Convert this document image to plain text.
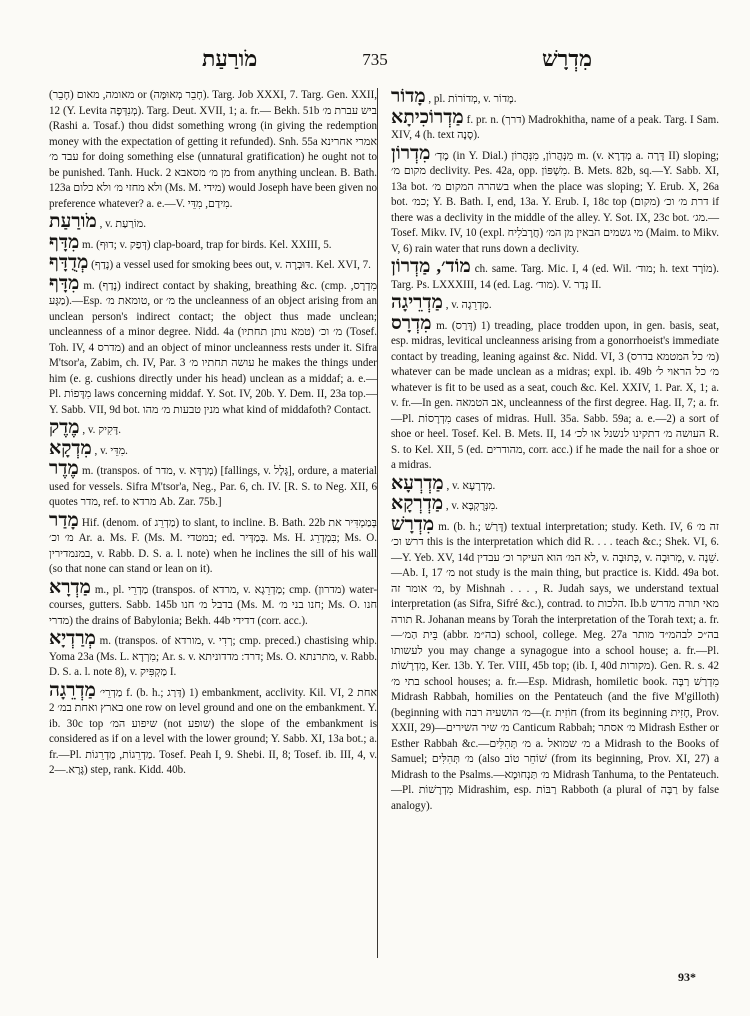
מֹורַעַת	735	מִדְרָשׁ

(חָבֵר) מאומה, מאום or (חָבֵר מְאוּמָּה). Targ. Job XXXI, 7. Targ. Gen. XXII, 12 (Y. Levita מְנִדְּפָה). Targ. Deut. XVII, 1; a. fr.— Bekh. 51b ביש עברת מ׳ (Rashi a. Tosaf.) thou didst something wrong (in giving the redemption money with the expectation of getting it refunded). Snh. 55a אמרי אחרינא עבד מ׳ for doing something else (unnatural gratification) he ought not to be punished. Tanh. Huck. 2 מן מ׳ מסאבא from anything unclean. B. Bath. 123a ולא מחזי מ׳ ולא כלום (Ms. M. מידי) would Joseph have been given no preference whatever? a. e.—V. מִידַם, מִדֵּי.

מֹורַעַת , v. מוֹרַעַת.

מִדָּף m. (דוּף; v. דְּפַק) clap-board, trap for birds. Kel. XXIII, 5.

מְדֻדָּף (נָדַף) a vessel used for smoking bees out, v. דּוּבְרָה. Kel. XVI, 7.

מִדָּף m. (נָדַף) indirect contact by shaking, breathing &c. (cmp. מִדְרָס, מַגָּע).—Esp. טומאת מ׳, or מ׳ the uncleanness of an object arising from an unclean person's indirect contact; the object thus made unclean; uncleanness of a minor degree. Nidd. 4a (מ׳ וכ׳ (טמא נותן תחתיו (Tosef. Toh. IV, 4 מדרס) and an object of minor uncleanness rests under it. Sifra M'tsor'a, Zabim, ch. IV, Par. 3 עושה תחתיו מ׳ he makes the things under him (e. g. cushions directly under his head) unclean as a middaf; a. e.—Pl. מִדָּפוֹת laws concerning middaf. Y. Sot. IV, 20b. Y. Dem. II, 23a top.—Y. Sabb. VII, 9d bot. מנין טבעות מ׳ מהו what kind of middafoth? Contact.

מֶדֶק , v. דָּקִיק.

מִדְקָא , v. מִדֵּי.

מֶדֶר m. (transpos. of מדר, v. מְרַדָּא) [fallings, v. גָּלָל], ordure, a material used for vessels. Sifra M'tsor'a, Neg., Par. 6, ch. IV. [R. S. to Neg. XII, 6 quotes מדר, ref. to מרדא Ab. Zar. 75b.]

מָדַר Hif. (denom. of מַדְרֵג) to slant, to incline. B. Bath. 22b בְּמַמְדִּיר את מ׳ וכ׳ Ar. a. Ms. F. (Ms. M. במטדי; ed. בְּמַדְּיר. Ms. H. בִּמְדָרֵג; Ms. O. במנמדירין, v. Rabb. D. S. a. l. note) when he inclines the sill of his wall (so that none can stand or lean on it).

מַדְרָא m., pl. מַדְרֵי (transpos. of מרדא, v. מַדְרֵגָא; cmp. (מדרון) water-courses, gutters. Sabb. 145b בדבל מ׳ חנו (Ms. M. חנו בני מ׳; Ms. O. חנו מדרי) the drains of Babylonia; Bekh. 44b דדידי (corr. acc.).

מְרַדְיָא m. (transpos. of מורדא, v. רְדִי; cmp. preced.) chastising whip. Yoma 23a (Ms. L. מִרְדָא; Ar. s. v. דרד: מדדוניתא; Ms. O. מתרנתא, v. Rabb. D. S. a. l. note 8), v. מַקְפִּיק I.

מַדְרֵגָה מַדְרֵי׳ f. (b. h.; דַּרַג) 1) embankment, acclivity. Kil. VI, 2 אחת בארץ ואחת במ׳ 2 one row on level ground and one on the embankment. Y. ib. 30c top שיפוע המ׳ (not שופע) the slope of the embankment is considered as if on a level with the lower ground; Y. Sabb. XI, 13a bot.; a. fr.—Pl. מַדְרֵגוֹת, מַדְרֵגוֹת. Tosef. Peah I, 9. Shebi. II, 8; Tosef. ib. III, 4, v. גָּרָא.—2) step, rank. Kidd. 40b.

מָדוֹר , pl. מְדוֹרוֹת, v. מָדוֹר.

מַדְרוֹכִיתָא f. pr. n. (דרך) Madrokhitha, name of a peak. Targ. I Sam. XIV, 4 (h. text סֶנֶה).

מִדְרוֹן מֶדְ׳ (in Y. Dial.) מִנְּהֲרוֹן, מִנְּהֲרוֹן m. (v. מְדְרָא a. דָּרָה II) sloping; מקום מ׳ declivity. Pes. 42a, opp. מִשְׁפּוֹן. B. Mets. 82b, sq.—Y. Sabb. XI, 13a bot. בשהרה המקום מ׳ when the place was sloping; Y. Erub. X, 26a bot. כמ׳; Y. B. Bath. I, end, 13a. Y. Erub. I, 18c top דרת מ׳ וכ׳ (מקום) if there was a declivity in the middle of the alley. Y. Sot. IX, 23c bot. מג׳.—Tosef. Mikv. IV, 10 (expl. חֲרָבֹלִיח) מי גשמים הבאין מן המ׳ (Maim. to Mikv. V, 6) rain water that runs down a declivity.

מוֹד׳, מַדְרוֹן ch. same. Targ. Mic. I, 4 (ed. Wil. מוד׳; h. text מוֹרָד). Targ. Ps. LXXXIII, 14 (ed. Lag. מוד׳). V. נְדַר II.

מַדְרֵיגָה , v. מַדְרֵגָה.

מִדְרָס m. (דָּרַס) 1) treading, place trodden upon, in gen. basis, seat, esp. midras, levitical uncleanness arising from a gonorrhoeist's immediate contact by treading, leaning against &c. Nidd. VI, 3 (מ׳ כל המטמא בדרס) whatever can be made unclean as a midras; expl. ib. 49b מ׳ כל הראוי ל׳ whatever is fit to be used as a seat, couch &c. Kel. XXIV, 1. Par. X, 1; a. v. fr.—In gen. אב הטמאה, uncleanness of the first degree. Hag. II, 7; a. fr.—Pl. מִדְרָסוֹת cases of midras. Hull. 35a. Sabb. 59a; a. e.—2) a sort of shoe or heel. Tosef. Kel. B. Mets. II, 14 העושה מ׳ דתקינו לנשנל או לכ׳ R. S. to Kel. XII, 5 (ed. מהודרים, corr. acc.) if he made the nail for a shoe or a midras.

מַדְרְעָא , v. מְדְרָעָא.

מַדְרְקָא , v. מִנְּרֻקְבָּא.

מִדְרָשׁ m. (b. h.; דָּרַשׁ) textual interpretation; study. Keth. IV, 6 זה מ׳ דרש וכ׳ this is the interpretation which did R. . . . teach &c.; Shek. VI, 6.—Y. Yeb. XV, 14d לא המ׳ הוא העיקר וכ׳ עבדין, v. כְּתוּבָה, v. מְרוּבָה, v. שֵׁנָה.—Ab. I, 17 מ׳ not study is the main thing, but practice is. Kidd. 49a bot. מ׳ אומר זה, by Mishnah . . . , R. Judah says, we understand textual interpretation (as Sifra, Sifré &c.), contrad. to הלכות. Ib.b מאי תורה מדרש תורה R. Johanan means by Torah the interpretation of the Torah text; a. fr.—בֵּית הַמ׳ (abbr. בה״מ) school, college. Meg. 27a בה״כ לבהמ״ד מותר לעשותו you may change a synagogue into a school house; a. fr.—Pl. מִדְרָשׁוֹת, Ker. 13b. Y. Ter. VIII, 45b top; (ib. I, 40d מקורות). Gen. R. s. 42 בתי מ׳ school houses; a. fr.—Esp. Midrash, homiletic book. מִדְרַשׁ רַבָּה Midrash Rabbah, homilies on the Pentateuch (and the five M'gilloth) (beginning with מ׳ הושעיה רבה—(r. חוֹזִית (from its beginning חָזִית, Prov. XXII, 29)—מ׳ שיר השירים Canticum Rabbah; מ׳ אסתר Midrash Esther or Esther Rabbah &c.—מ׳ תְּהִלִּים a. מ׳ שמואל a Midrash to the Books of Samuel; מ׳ תְּהִלִּים (also שׁוֹחֵר טוֹב (from its beginning, Prov. XI, 27) a Midrash to the Psalms.—מ׳ תַּנְחוּמָא Midrash Tanhuma, to the Pentateuch.—Pl. מִדְרָשׁוֹת Midrashim, esp. רַבּוֹת Rabboth (a plural of רַבָּה by false analogy).

93*
